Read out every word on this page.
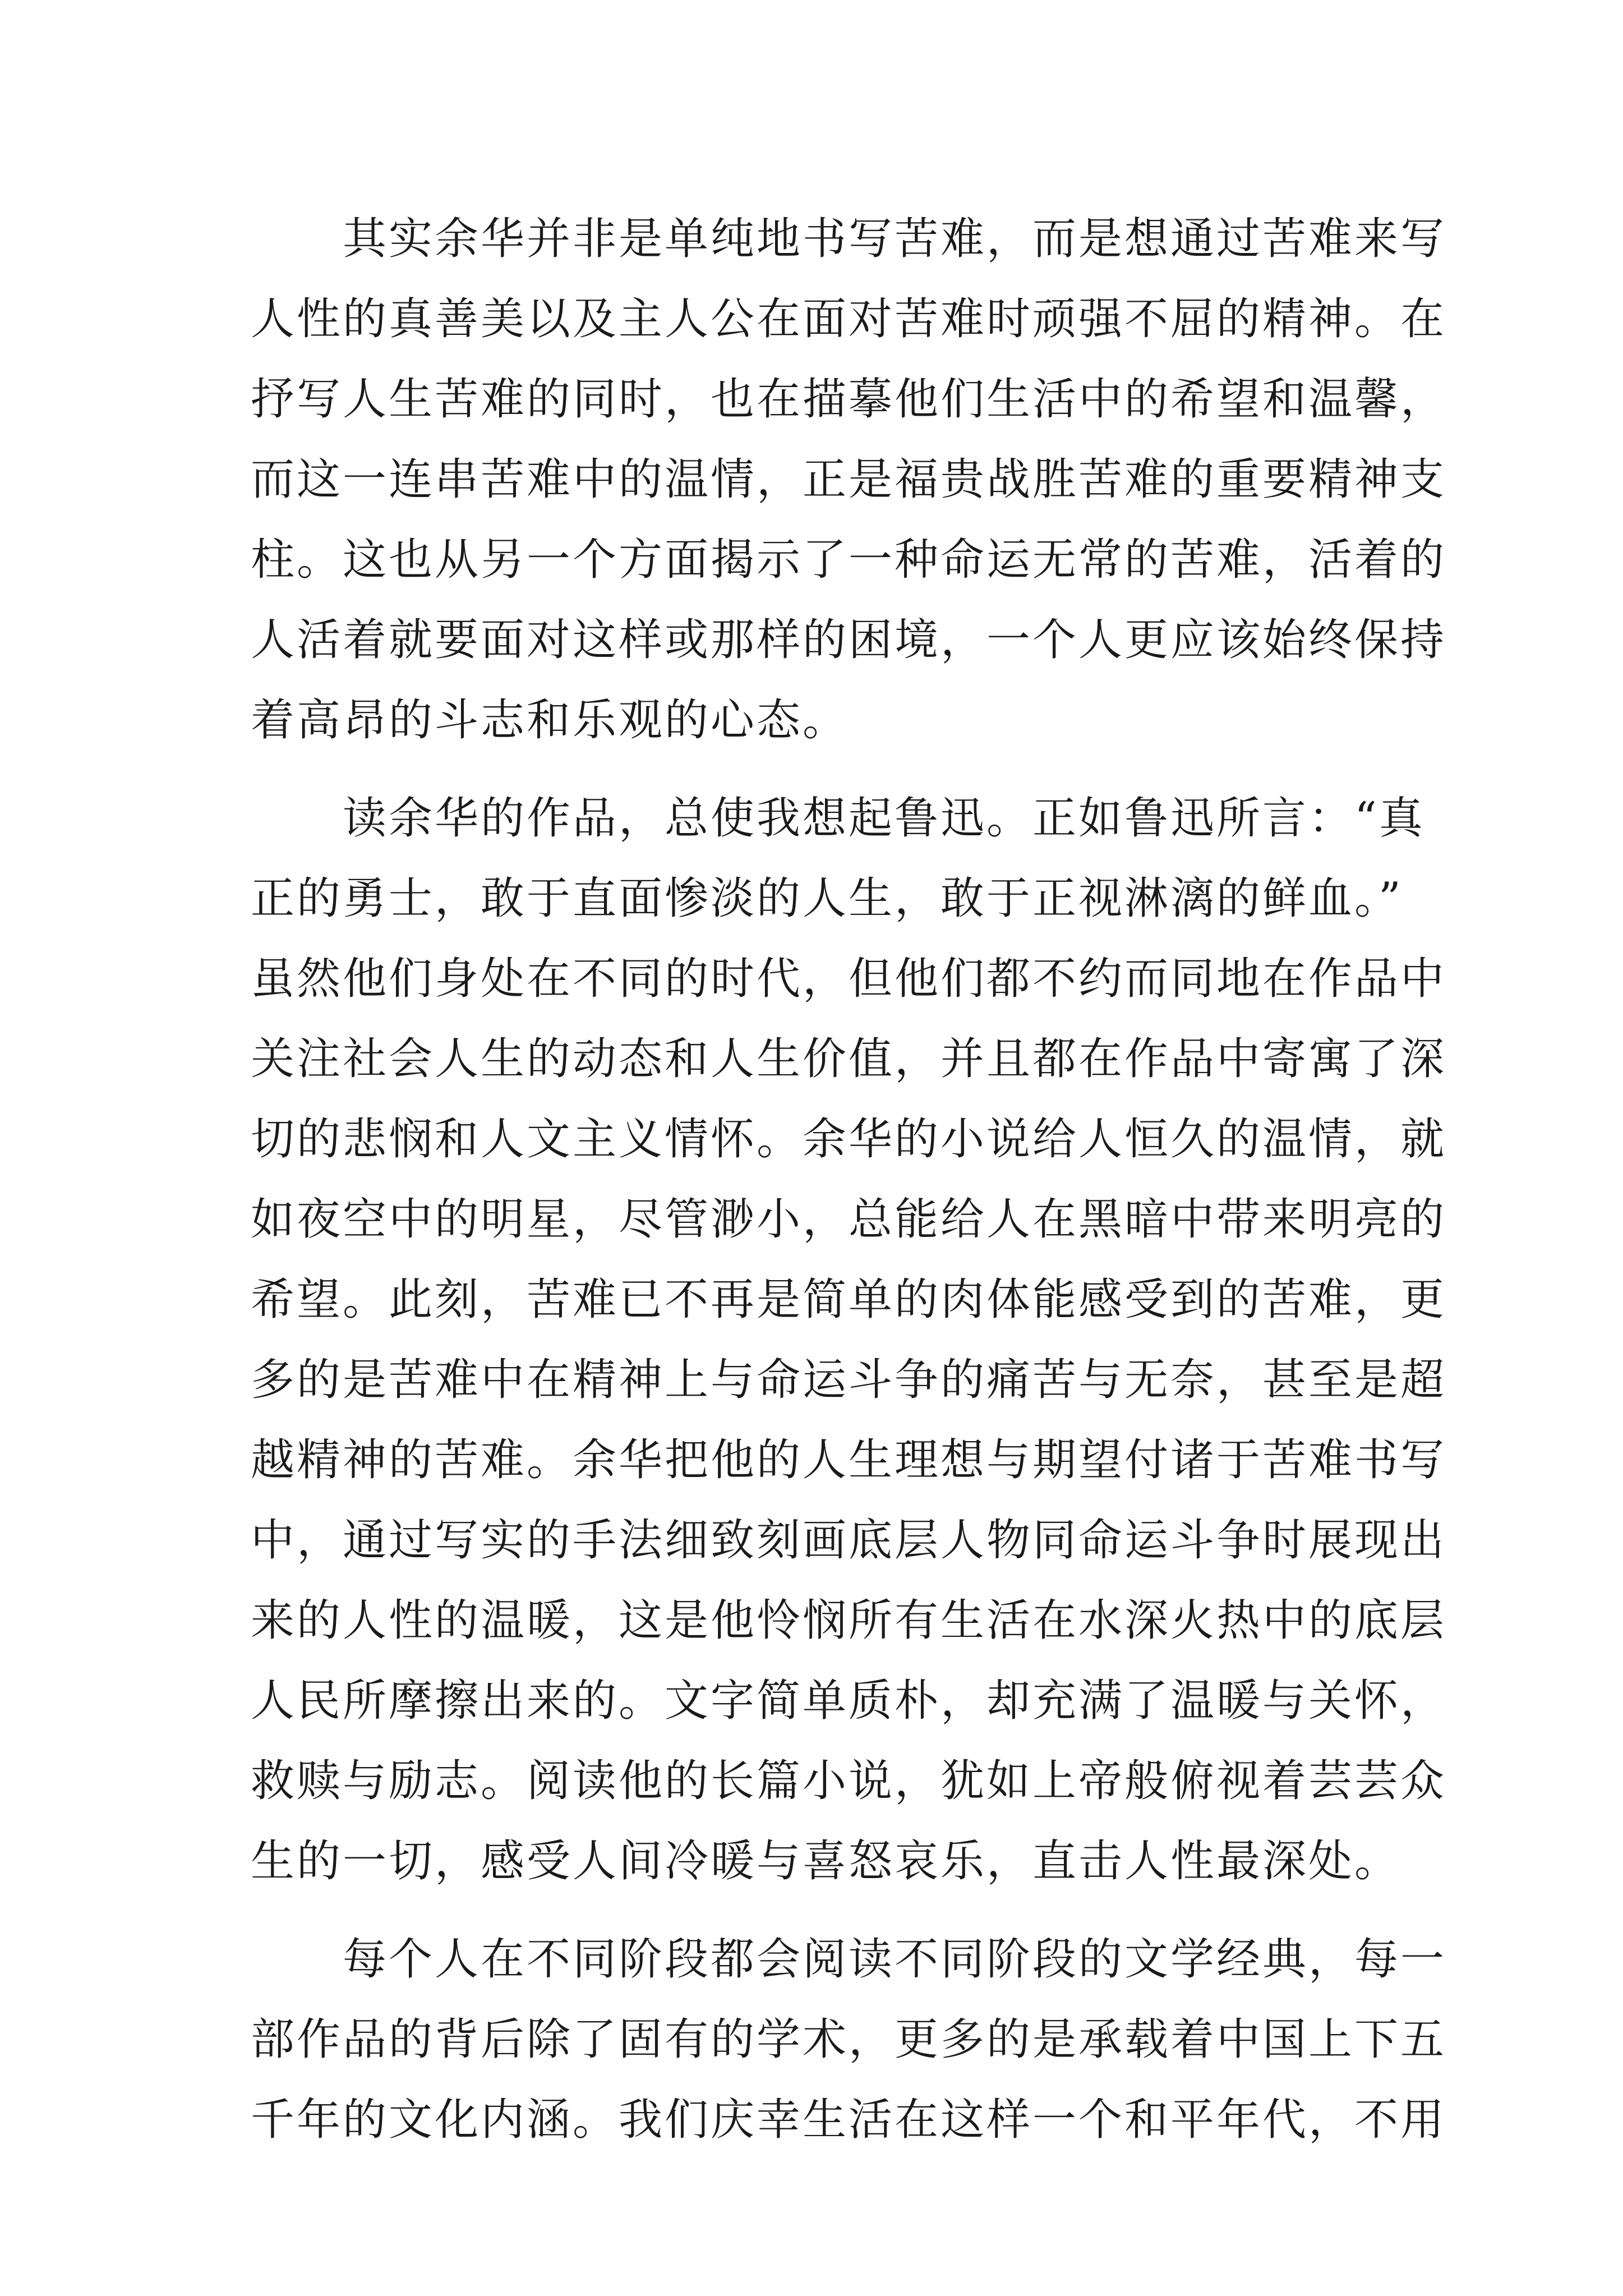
　　其实余华并非是单纯地书写苦难，而是想通过苦难来写
人性的真善美以及主人公在面对苦难时顽强不屈的精神。在
抒写人生苦难的同时，也在描摹他们生活中的希望和温馨，
而这一连串苦难中的温情，正是福贵战胜苦难的重要精神支
柱。这也从另一个方面揭示了一种命运无常的苦难，活着的
人活着就要面对这样或那样的困境，一个人更应该始终保持
着高昂的斗志和乐观的心态。
　　读余华的作品，总使我想起鲁迅。正如鲁迅所言：“真
正的勇士，敢于直面惨淡的人生，敢于正视淋漓的鲜血。”
虽然他们身处在不同的时代，但他们都不约而同地在作品中
关注社会人生的动态和人生价值，并且都在作品中寄寓了深
切的悲悯和人文主义情怀。余华的小说给人恒久的温情，就
如夜空中的明星，尽管渺小，总能给人在黑暗中带来明亮的
希望。此刻，苦难已不再是简单的肉体能感受到的苦难，更
多的是苦难中在精神上与命运斗争的痛苦与无奈，甚至是超
越精神的苦难。余华把他的人生理想与期望付诸于苦难书写
中，通过写实的手法细致刻画底层人物同命运斗争时展现出
来的人性的温暖，这是他怜悯所有生活在水深火热中的底层
人民所摩擦出来的。文字简单质朴，却充满了温暖与关怀，
救赎与励志。阅读他的长篇小说，犹如上帝般俯视着芸芸众
生的一切，感受人间冷暖与喜怒哀乐，直击人性最深处。
　　每个人在不同阶段都会阅读不同阶段的文学经典，每一
部作品的背后除了固有的学术，更多的是承载着中国上下五
千年的文化内涵。我们庆幸生活在这样一个和平年代，不用
